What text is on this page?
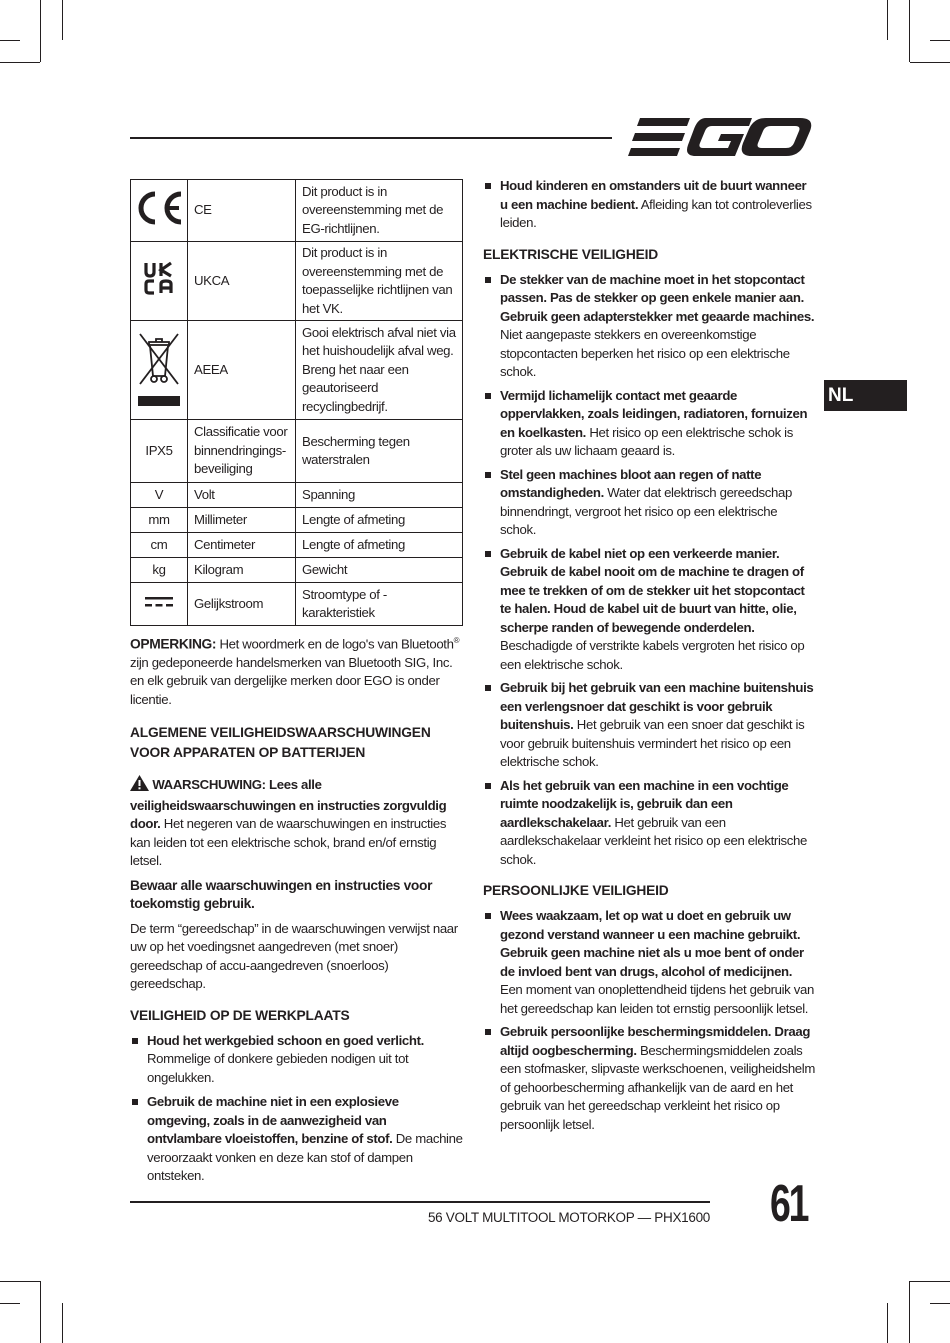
NL
	CE	Dit product is in overeenstemming met de EG-richtlijnen.
	UKCA	Dit product is in overeenstemming met de toepasselijke richtlijnen van het VK.
	AEEA	Gooi elektrisch afval niet via het huishoudelijk afval weg. Breng het naar een geautoriseerd recyclingbedrijf.
IPX5	Classificatie voor binnendringings-beveiliging	Bescherming tegen waterstralen
V	Volt	Spanning
mm	Millimeter	Lengte of afmeting
cm	Centimeter	Lengte of afmeting
kg	Kilogram	Gewicht
	Gelijkstroom	Stroomtype of -karakteristiek

OPMERKING: Het woordmerk en de logo's van Bluetooth® zijn gedeponeerde handelsmerken van Bluetooth SIG, Inc. en elk gebruik van dergelijke merken door EGO is onder licentie.

ALGEMENE VEILIGHEIDSWAARSCHUWINGEN VOOR APPARATEN OP BATTERIJEN

WAARSCHUWING: Lees alle veiligheidswaarschuwingen en instructies zorgvuldig door. Het negeren van de waarschuwingen en instructies kan leiden tot een elektrische schok, brand en/of ernstig letsel.

Bewaar alle waarschuwingen en instructies voor toekomstig gebruik.

De term “gereedschap” in de waarschuwingen verwijst naar uw op het voedingsnet aangedreven (met snoer) gereedschap of accu-aangedreven (snoerloos) gereedschap.

VEILIGHEID OP DE WERKPLAATS
Houd het werkgebied schoon en goed verlicht. Rommelige of donkere gebieden nodigen uit tot ongelukken.
Gebruik de machine niet in een explosieve omgeving, zoals in de aanwezigheid van ontvlambare vloeistoffen, benzine of stof. De machine veroorzaakt vonken en deze kan stof of dampen ontsteken.
Houd kinderen en omstanders uit de buurt wanneer u een machine bedient. Afleiding kan tot controleverlies leiden.
ELEKTRISCHE VEILIGHEID
De stekker van de machine moet in het stopcontact passen. Pas de stekker op geen enkele manier aan. Gebruik geen adapterstekker met geaarde machines. Niet aangepaste stekkers en overeenkomstige stopcontacten beperken het risico op een elektrische schok.
Vermijd lichamelijk contact met geaarde oppervlakken, zoals leidingen, radiatoren, fornuizen en koelkasten. Het risico op een elektrische schok is groter als uw lichaam geaard is.
Stel geen machines bloot aan regen of natte omstandigheden. Water dat elektrisch gereedschap binnendringt, vergroot het risico op een elektrische schok.
Gebruik de kabel niet op een verkeerde manier. Gebruik de kabel nooit om de machine te dragen of mee te trekken of om de stekker uit het stopcontact te halen. Houd de kabel uit de buurt van hitte, olie, scherpe randen of bewegende onderdelen. Beschadigde of verstrikte kabels vergroten het risico op een elektrische schok.
Gebruik bij het gebruik van een machine buitenshuis een verlengsnoer dat geschikt is voor gebruik buitenshuis. Het gebruik van een snoer dat geschikt is voor gebruik buitenshuis vermindert het risico op een elektrische schok.
Als het gebruik van een machine in een vochtige ruimte noodzakelijk is, gebruik dan een aardlekschakelaar. Het gebruik van een aardlekschakelaar verkleint het risico op een elektrische schok.
PERSOONLIJKE VEILIGHEID
Wees waakzaam, let op wat u doet en gebruik uw gezond verstand wanneer u een machine gebruikt. Gebruik geen machine niet als u moe bent of onder de invloed bent van drugs, alcohol of medicijnen. Een moment van onoplettendheid tijdens het gebruik van het gereedschap kan leiden tot ernstig persoonlijk letsel.
Gebruik persoonlijke beschermingsmiddelen. Draag altijd oogbescherming. Beschermingsmiddelen zoals een stofmasker, slipvaste werkschoenen, veiligheidshelm of gehoorbescherming afhankelijk van de aard en het gebruik van het gereedschap verkleint het risico op persoonlijk letsel.
56 VOLT MULTITOOL MOTORKOP — PHX1600 61
